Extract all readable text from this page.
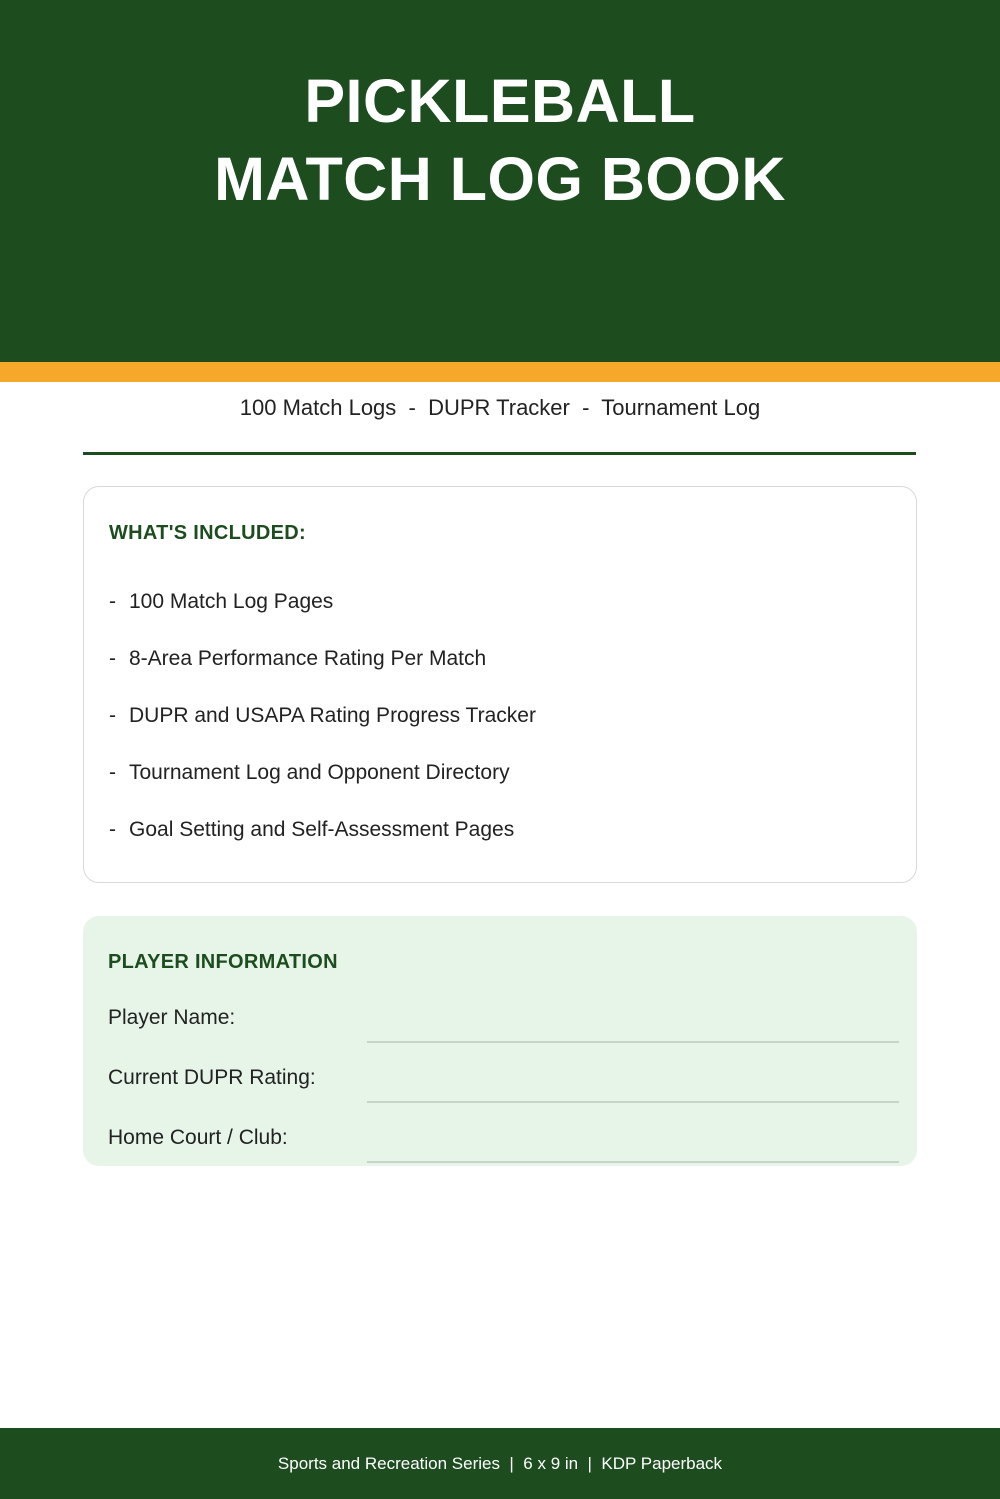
PICKLEBALL
MATCH LOG BOOK
100 Match Logs  -  DUPR Tracker  -  Tournament Log
WHAT'S INCLUDED:
- 100 Match Log Pages
- 8-Area Performance Rating Per Match
- DUPR and USAPA Rating Progress Tracker
- Tournament Log and Opponent Directory
- Goal Setting and Self-Assessment Pages
PLAYER INFORMATION
Player Name:
Current DUPR Rating:
Home Court / Club:
Sports and Recreation Series  |  6 x 9 in  |  KDP Paperback
